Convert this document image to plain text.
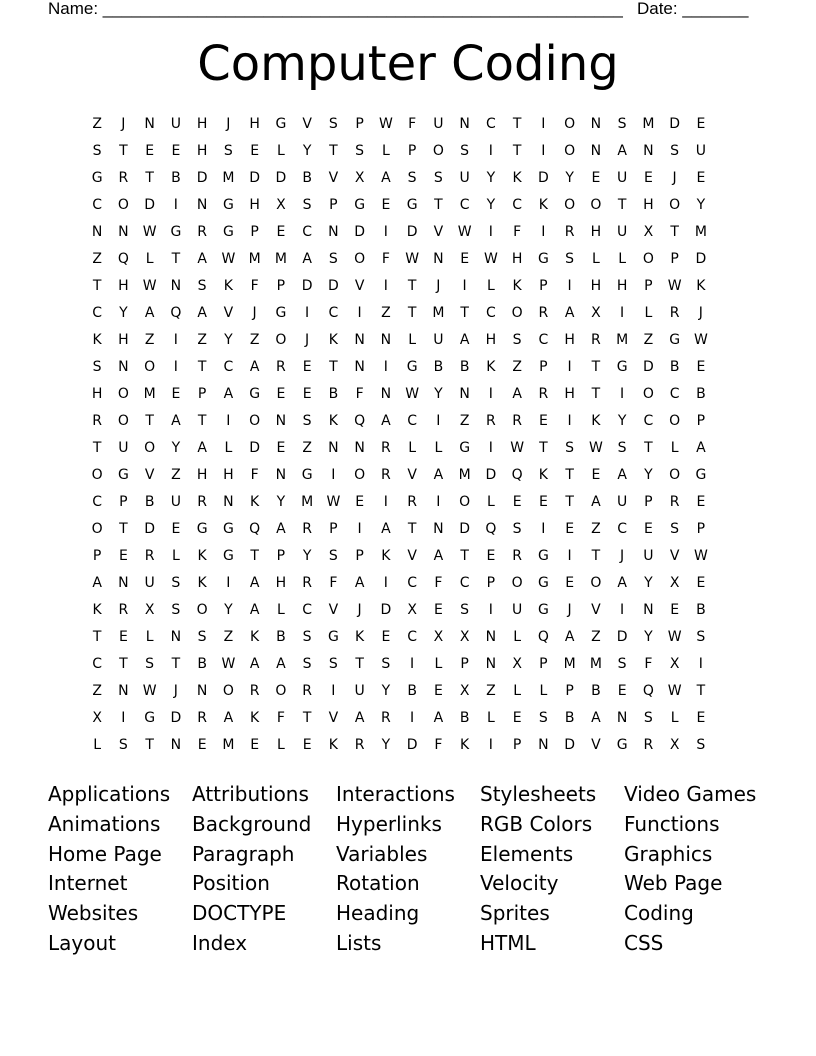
Name: _______________________________________________________   Date: _______
Computer Coding
Z	J	N	U	H	J	H	G	V	S	P	W	F	U	N	C	T	I	O	N	S	M	D	E
S	T	E	E	H	S	E	L	Y	T	S	L	P	O	S	I	T	I	O	N	A	N	S	U
G	R	T	B	D	M	D	D	B	V	X	A	S	S	U	Y	K	D	Y	E	U	E	J	E
C	O	D	I	N	G	H	X	S	P	G	E	G	T	C	Y	C	K	O	O	T	H	O	Y
N	N	W G	R	G	P	E	C	N	D	I	D	V	W	I	F	I	R	H	U	X	T	M
Z	Q	L	T	A	W M	M	A	S	O	F	W	N	E	W	H	G	S	L	L	O	P	D
T	H	W	N	S	K	F	P	D	D	V	I	T	J	I	L	K	P	I	H	H	P	W	K
C	Y	A	Q	A	V	J	G	I	C	I	Z	T	M	T	C	O	R	A	X	I	L	R	J
K	H	Z	I	Z	Y	Z	O	J	K	N	N	L	U	A	H	S	C	H	R	M	Z	G W
S	N	O	I	T	C	A	R	E	T	N	I	G	B	B	K	Z	P	I	T	G	D	B	E
H	O	M	E	P	A	G	E	E	B	F	N	W	Y	N	I	A	R	H	T	I	O	C	B
R	O	T	A	T	I	O	N	S	K	Q	A	C	I	Z	R	R	E	I	K	Y	C	O	P
T	U	O	Y	A	L	D	E	Z	N	N	R	L	L	G	I	W	T	S	W	S	T	L	A
O	G	V	Z	H	H	F	N	G	I	O	R	V	A	M	D	Q	K	T	E	A	Y	O	G
C	P	B	U	R	N	K	Y	M W	E	I	R	I	O	L	E	E	T	A	U	P	R	E
O	T	D	E	G	G	Q	A	R	P	I	A	T	N	D	Q	S	I	E	Z	C	E	S	P
P	E	R	L	K	G	T	P	Y	S	P	K	V	A	T	E	R	G	I	T	J	U	V	W
A	N	U	S	K	I	A	H	R	F	A	I	C	F	C	P	O	G	E	O	A	Y	X	E
K	R	X	S	O	Y	A	L	C	V	J	D	X	E	S	I	U	G	J	V	I	N	E	B
T	E	L	N	S	Z	K	B	S	G	K	E	C	X	X	N	L	Q	A	Z	D	Y	W	S
C	T	S	T	B	W	A	A	S	S	T	S	I	L	P	N	X	P	M	M	S	F	X	I
Z	N	W	J	N	O	R	O	R	I	U	Y	B	E	X	Z	L	L	P	B	E	Q W	T
X	I	G	D	R	A	K	F	T	V	A	R	I	A	B	L	E	S	B	A	N	S	L	E
L	S	T	N	E	M	E	L	E	K	R	Y	D	F	K	I	P	N	D	V	G	R	X	S
Applications	Attributions	Interactions	Stylesheets	Video Games
Animations	Background	Hyperlinks	RGB Colors	Functions
Home Page	Paragraph	Variables	Elements	Graphics
Internet	Position	Rotation	Velocity	Web Page
Websites	DOCTYPE	Heading	Sprites	Coding
Layout	Index	Lists	HTML	CSS
